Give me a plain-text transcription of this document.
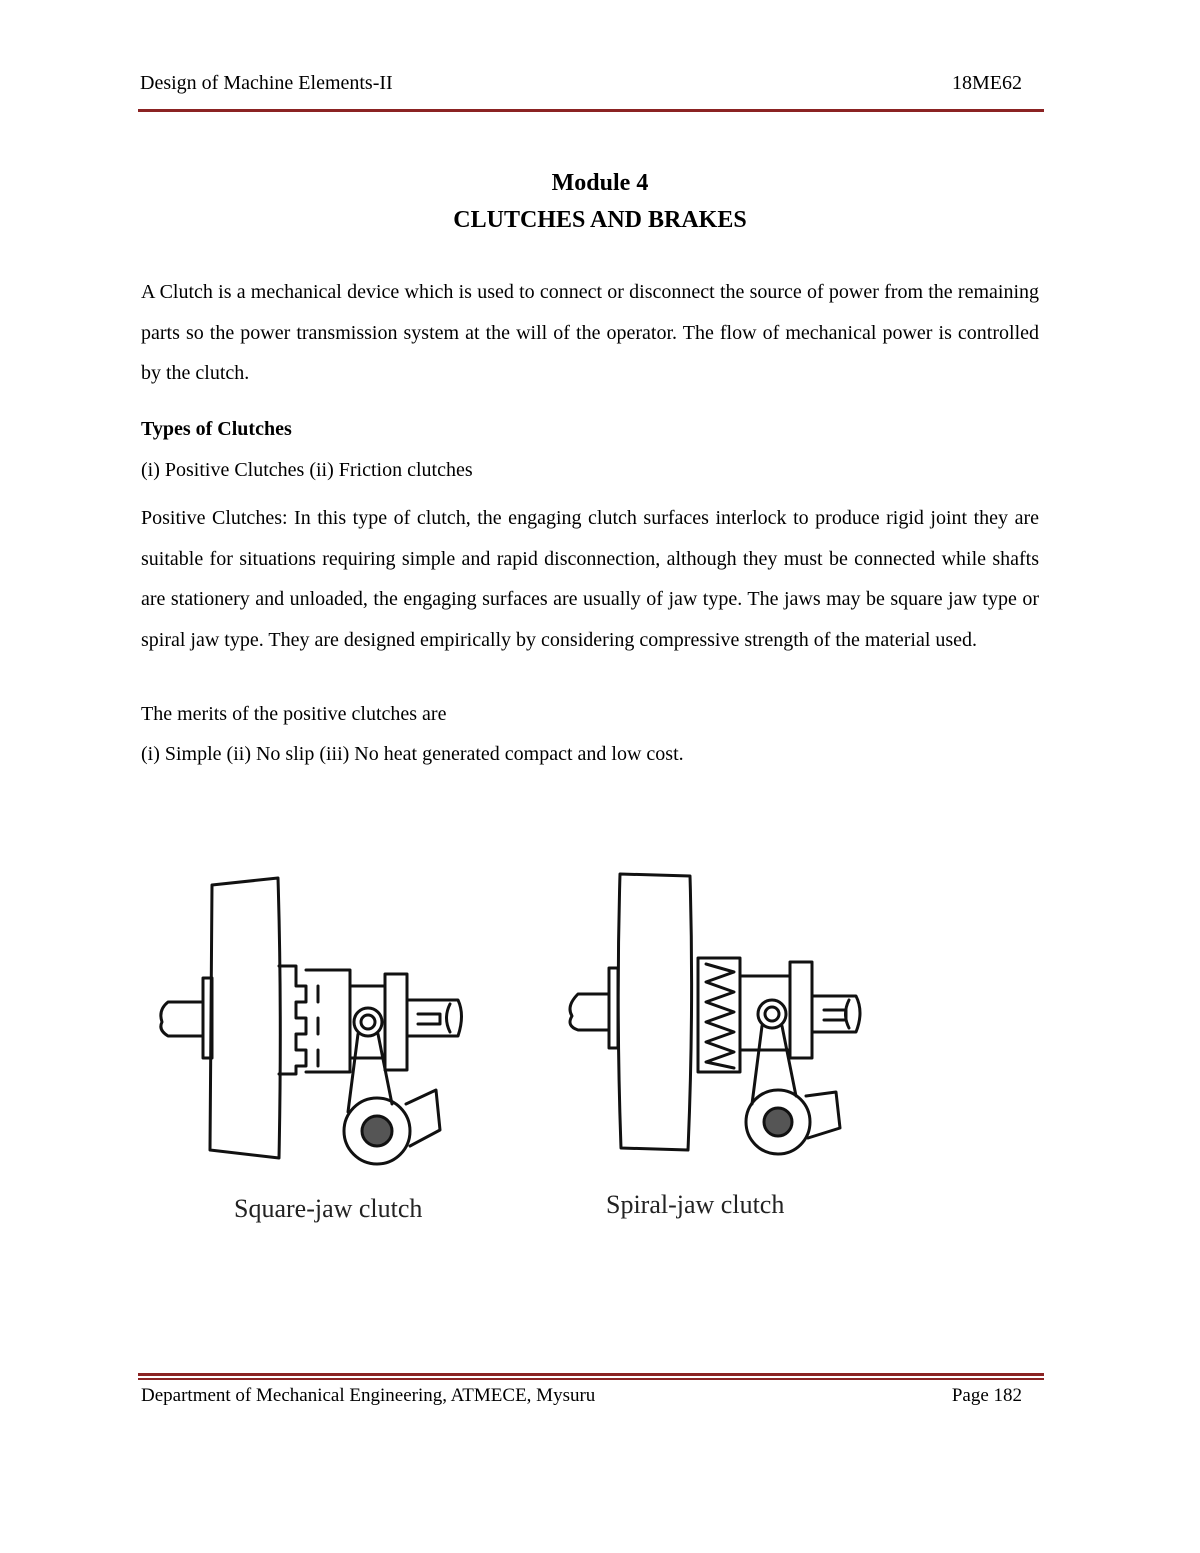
Design of Machine Elements-II	18ME62
Module 4
CLUTCHES AND BRAKES
A Clutch is a mechanical device which is used to connect or disconnect the source of power from the remaining parts so the power transmission system at the will of the operator. The flow of mechanical power is controlled by the clutch.
Types of Clutches
(i) Positive Clutches (ii) Friction clutches
Positive Clutches: In this type of clutch, the engaging clutch surfaces interlock to produce rigid joint they are suitable for situations requiring simple and rapid disconnection, although they must be connected while shafts are stationery and unloaded, the engaging surfaces are usually of jaw type. The jaws may be square jaw type or spiral jaw type. They are designed empirically by considering compressive strength of the material used.
The merits of the positive clutches are
(i) Simple (ii) No slip (iii) No heat generated compact and low cost.
Square-jaw clutch	Spiral-jaw clutch
Department of Mechanical Engineering, ATMECE, Mysuru	Page 182
